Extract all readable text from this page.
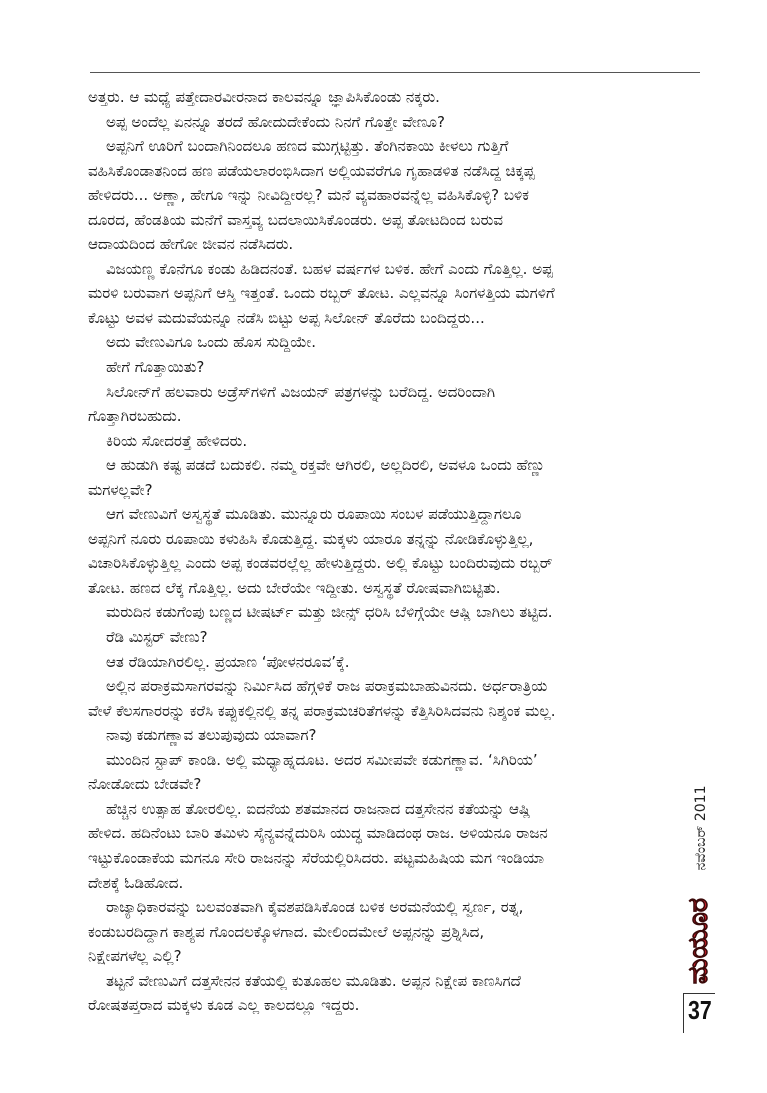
ಅತ್ತರು. ಆ ಮಧ್ಯೆ ಪತ್ತೇದಾರವೀರನಾದ ಕಾಲವನ್ನೂ ಜ್ಞಾಪಿಸಿಕೊಂಡು ನಕ್ಕರು.
ಅಪ್ಪ ಅಂದೆಲ್ಲ ಏನನ್ನೂ ತರದೆ ಹೋದುದೇಕೆಂದು ನಿನಗೆ ಗೊತ್ತೇ ವೇಣೂ?
ಅಪ್ಪನಿಗೆ ಊರಿಗೆ ಬಂದಾಗಿನಿಂದಲೂ ಹಣದ ಮುಗ್ಗಟ್ಟಿತ್ತು. ತೆಂಗಿನಕಾಯಿ ಕೀಳಲು ಗುತ್ತಿಗೆ
ವಹಿಸಿಕೊಂಡಾತನಿಂದ ಹಣ ಪಡೆಯಲಾರಂಭಿಸಿದಾಗ ಅಲ್ಲಿಯವರೆಗೂ ಗೃಹಾಡಳಿತ ನಡೆಸಿದ್ದ ಚಿಕ್ಕಪ್ಪ
ಹೇಳಿದರು... ಅಣ್ಣಾ, ಹೇಗೂ ಇನ್ನು ನೀವಿದ್ದೀರಲ್ಲ? ಮನೆ ವ್ಯವಹಾರವನ್ನೆಲ್ಲ ವಹಿಸಿಕೊಳ್ಳಿ? ಬಳಿಕ
ದೂರದ, ಹೆಂಡತಿಯ ಮನೆಗೆ ವಾಸ್ತವ್ಯ ಬದಲಾಯಿಸಿಕೊಂಡರು. ಅಪ್ಪ ತೋಟದಿಂದ ಬರುವ
ಆದಾಯದಿಂದ ಹೇಗೋ ಜೀವನ ನಡೆಸಿದರು.
ವಿಜಯಣ್ಣ ಕೊನೆಗೂ ಕಂಡು ಹಿಡಿದನಂತೆ. ಬಹಳ ವರ್ಷಗಳ ಬಳಿಕ. ಹೇಗೆ ಎಂದು ಗೊತ್ತಿಲ್ಲ. ಅಪ್ಪ
ಮರಳಿ ಬರುವಾಗ ಅಪ್ಪನಿಗೆ ಆಸ್ತಿ ಇತ್ತಂತೆ. ಒಂದು ರಬ್ಬರ್ ತೋಟ. ಎಲ್ಲವನ್ನೂ ಸಿಂಗಳತ್ತಿಯ ಮಗಳಿಗೆ
ಕೊಟ್ಟು ಅವಳ ಮದುವೆಯನ್ನೂ ನಡೆಸಿ ಬಿಟ್ಟು ಅಪ್ಪ ಸಿಲೋನ್ ತೊರೆದು ಬಂದಿದ್ದರು...
ಅದು ವೇಣುವಿಗೂ ಒಂದು ಹೊಸ ಸುದ್ದಿಯೇ.
ಹೇಗೆ ಗೊತ್ತಾಯಿತು?
ಸಿಲೋನ್‌ಗೆ ಹಲವಾರು ಅಡ್ರೆಸ್‌ಗಳಿಗೆ ವಿಜಯನ್ ಪತ್ರಗಳನ್ನು ಬರೆದಿದ್ದ. ಅದರಿಂದಾಗಿ
ಗೊತ್ತಾಗಿರಬಹುದು.
ಕಿರಿಯ ಸೋದರತ್ತೆ ಹೇಳಿದರು.
ಆ ಹುಡುಗಿ ಕಷ್ಟ ಪಡದೆ ಬದುಕಲಿ. ನಮ್ಮ ರಕ್ತವೇ ಆಗಿರಲಿ, ಅಲ್ಲದಿರಲಿ, ಅವಳೂ ಒಂದು ಹೆಣ್ಣು
ಮಗಳಲ್ಲವೇ?
ಆಗ ವೇಣುವಿಗೆ ಅಸ್ವಸ್ಥತೆ ಮೂಡಿತು. ಮುನ್ನೂರು ರೂಪಾಯಿ ಸಂಬಳ ಪಡೆಯುತ್ತಿದ್ದಾಗಲೂ
ಅಪ್ಪನಿಗೆ ನೂರು ರೂಪಾಯಿ ಕಳುಹಿಸಿ ಕೊಡುತ್ತಿದ್ದ. ಮಕ್ಕಳು ಯಾರೂ ತನ್ನನ್ನು ನೋಡಿಕೊಳ್ಳುತ್ತಿಲ್ಲ,
ವಿಚಾರಿಸಿಕೊಳ್ಳುತ್ತಿಲ್ಲ ಎಂದು ಅಪ್ಪ ಕಂಡವರಲ್ಲೆಲ್ಲ ಹೇಳುತ್ತಿದ್ದರು. ಅಲ್ಲಿ ಕೊಟ್ಟು ಬಂದಿರುವುದು ರಬ್ಬರ್
ತೋಟ. ಹಣದ ಲೆಕ್ಕ ಗೊತ್ತಿಲ್ಲ. ಅದು ಬೇರೆಯೇ ಇದ್ದೀತು. ಅಸ್ವಸ್ಥತೆ ರೋಷವಾಗಿಬಿಟ್ಟಿತು.
ಮರುದಿನ ಕಡುಗೆಂಪು ಬಣ್ಣದ ಟೀಷರ್ಟ್ ಮತ್ತು ಜೀನ್ಸ್ ಧರಿಸಿ ಬೆಳಿಗ್ಗೆಯೇ ಆಷ್ಲಿ ಬಾಗಿಲು ತಟ್ಟಿದ.
ರೆಡಿ ಮಿಸ್ಟರ್ ವೇಣು?
ಆತ ರೆಡಿಯಾಗಿರಲಿಲ್ಲ. ಪ್ರಯಾಣ ‘ಪೋಳನರೂವ’ಕ್ಕೆ.
ಅಲ್ಲಿನ ಪರಾಕ್ರಮಸಾಗರವನ್ನು ನಿರ್ಮಿಸಿದ ಹೆಗ್ಗಳಿಕೆ ರಾಜ ಪರಾಕ್ರಮಬಾಹುವಿನದು. ಅರ್ಧರಾತ್ರಿಯ
ವೇಳೆ ಕೆಲಸಗಾರರನ್ನು ಕರೆಸಿ ಕಪ್ಪುಕಲ್ಲಿನಲ್ಲಿ ತನ್ನ ಪರಾಕ್ರಮಚರಿತೆಗಳನ್ನು ಕೆತ್ತಿಸಿರಿಸಿದವನು ನಿಶ್ಶಂಕ ಮಲ್ಲ.
ನಾವು ಕಡುಗಣ್ಣಾವ ತಲುಪುವುದು ಯಾವಾಗ?
ಮುಂದಿನ ಸ್ಟಾಪ್ ಕಾಂಡಿ. ಅಲ್ಲಿ ಮಧ್ಯಾಹ್ನದೂಟ. ಅದರ ಸಮೀಪವೇ ಕಡುಗಣ್ಣಾವ. ‘ಸಿಗಿರಿಯ’
ನೋಡೋದು ಬೇಡವೇ?
ಹೆಚ್ಚಿನ ಉತ್ಸಾಹ ತೋರಲಿಲ್ಲ. ಐದನೆಯ ಶತಮಾನದ ರಾಜನಾದ ದತ್ತಸೇನನ ಕತೆಯನ್ನು ಆಷ್ಲಿ
ಹೇಳಿದ. ಹದಿನೆಂಟು ಬಾರಿ ತಮಿಳು ಸೈನ್ಯವನ್ನೆದುರಿಸಿ ಯುದ್ಧ ಮಾಡಿದಂಥ ರಾಜ. ಅಳಿಯನೂ ರಾಜನ
ಇಟ್ಟುಕೊಂಡಾಕೆಯ ಮಗನೂ ಸೇರಿ ರಾಜನನ್ನು ಸೆರೆಯಲ್ಲಿರಿಸಿದರು. ಪಟ್ಟಮಹಿಷಿಯ ಮಗ ಇಂಡಿಯಾ
ದೇಶಕ್ಕೆ ಓಡಿಹೋದ.
ರಾಜ್ಯಾಧಿಕಾರವನ್ನು ಬಲವಂತವಾಗಿ ಕೈವಶಪಡಿಸಿಕೊಂಡ ಬಳಿಕ ಅರಮನೆಯಲ್ಲಿ ಸ್ವರ್ಣ, ರತ್ನ,
ಕಂಡುಬರದಿದ್ದಾಗ ಕಾಶ್ಯಪ ಗೊಂದಲಕ್ಕೊಳಗಾದ. ಮೇಲಿಂದಮೇಲೆ ಅಪ್ಪನನ್ನು ಪ್ರಶ್ನಿಸಿದ,
ನಿಕ್ಷೇಪಗಳೆಲ್ಲ ಎಲ್ಲಿ?
ತಟ್ಟನೆ ವೇಣುವಿಗೆ ದತ್ತಸೇನನ ಕತೆಯಲ್ಲಿ ಕುತೂಹಲ ಮೂಡಿತು. ಅಪ್ಪನ ನಿಕ್ಷೇಪ ಕಾಣಸಿಗದೆ
ರೋಷತಪ್ತರಾದ ಮಕ್ಕಳು ಕೂಡ ಎಲ್ಲ ಕಾಲದಲ್ಲೂ ಇದ್ದರು.
ನವೆಂಬರ್ 2011
ಮಯೂರ
37
